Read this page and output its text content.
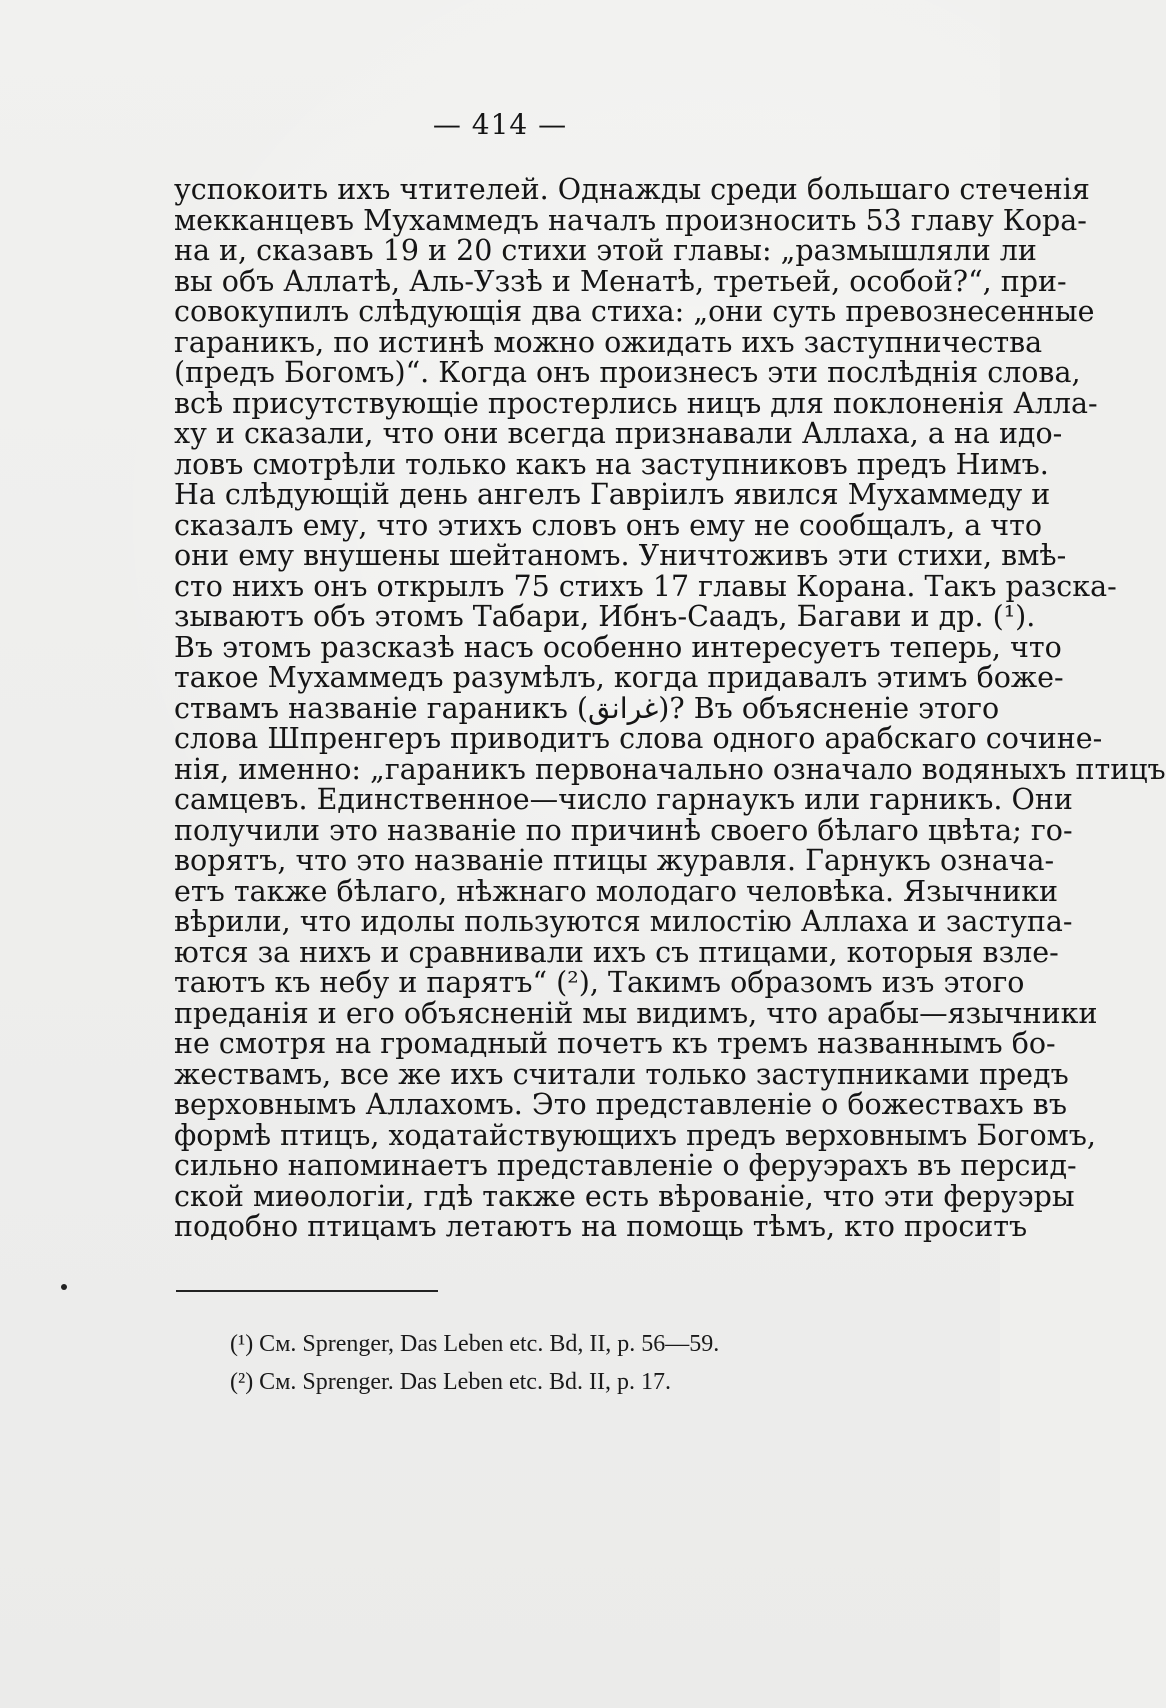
— 414 —
успокоить ихъ чтителей. Однажды среди большаго стеченія
мекканцевъ Мухаммедъ началъ произносить 53 главу Кора-
на и, сказавъ 19 и 20 стихи этой главы: „размышляли ли
вы объ Аллатѣ, Аль-Уззѣ и Менатѣ, третьей, особой?“, при-
совокупилъ слѣдующія два стиха: „они суть превознесенные
гараникъ, по истинѣ можно ожидать ихъ заступничества
(предъ Богомъ)“. Когда онъ произнесъ эти послѣднія слова,
всѣ присутствующіе простерлись ницъ для поклоненія Алла-
ху и сказали, что они всегда признавали Аллаха, а на идо-
ловъ смотрѣли только какъ на заступниковъ предъ Нимъ.
На слѣдующій день ангелъ Гавріилъ явился Мухаммеду и
сказалъ ему, что этихъ словъ онъ ему не сообщалъ, а что
они ему внушены шейтаномъ. Уничтоживъ эти стихи, вмѣ-
сто нихъ онъ открылъ 75 стихъ 17 главы Корана. Такъ разска-
зываютъ объ этомъ Табари, Ибнъ-Саадъ, Багави и др. (¹).
Въ этомъ разсказѣ насъ особенно интересуетъ теперь, что
такое Мухаммедъ разумѣлъ, когда придавалъ этимъ боже-
ствамъ названіе гараникъ (غرانق)? Въ объясненіе этого
слова Шпренгеръ приводитъ слова одного арабскаго сочине-
нія, именно: „гараникъ первоначально означало водяныхъ птицъ
самцевъ. Единственное—число гарнаукъ или гарникъ. Они
получили это названіе по причинѣ своего бѣлаго цвѣта; го-
ворятъ, что это названіе птицы журавля. Гарнукъ означа-
етъ также бѣлаго, нѣжнаго молодаго человѣка. Язычники
вѣрили, что идолы пользуются милостію Аллаха и заступа-
ются за нихъ и сравнивали ихъ съ птицами, которыя взле-
таютъ къ небу и парятъ“ (²), Такимъ образомъ изъ этого
преданія и его объясненій мы видимъ, что арабы—язычники
не смотря на громадный почетъ къ тремъ названнымъ бо-
жествамъ, все же ихъ считали только заступниками предъ
верховнымъ Аллахомъ. Это представленіе о божествахъ въ
формѣ птицъ, ходатайствующихъ предъ верховнымъ Богомъ,
сильно напоминаетъ представленіе о феруэрахъ въ персид-
ской миѳологіи, гдѣ также есть вѣрованіе, что эти феруэры
подобно птицамъ летаютъ на помощь тѣмъ, кто проситъ
(¹) См. Sprenger, Das Leben etc. Bd, II, p. 56—59.
(²) См. Sprenger. Das Leben etc. Bd. II, p. 17.
